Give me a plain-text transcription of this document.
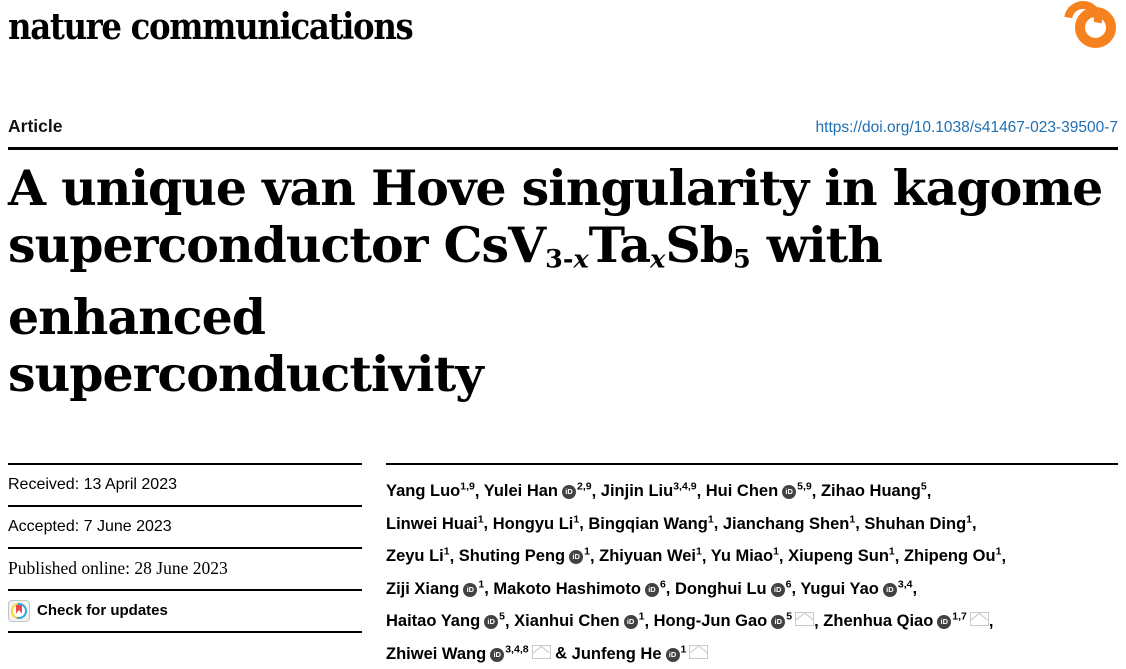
nature communications
Article	https://doi.org/10.1038/s41467-023-39500-7
A unique van Hove singularity in kagome
superconductor CsV3-xTaxSb5 with enhanced
superconductivity
Received: 13 April 2023
Accepted: 7 June 2023
Published online: 28 June 2023
Check for updates
Yang Luo$^{1,9}$, Yulei Han iD $^{2,9}$, Jinjin Liu$^{3,4,9}$, Hui Chen iD $^{5,9}$, Zihao Huang$^5$,
Linwei Huai$^1$, Hongyu Li$^1$, Bingqian Wang$^1$, Jianchang Shen$^1$, Shuhan Ding$^1$,
Zeyu Li$^1$, Shuting Peng iD $^1$, Zhiyuan Wei$^1$, Yu Miao$^1$, Xiupeng Sun$^1$, Zhipeng Ou$^1$,
Ziji Xiang iD $^1$, Makoto Hashimoto iD $^6$, Donghui Lu iD $^6$, Yugui Yao iD $^{3,4}$,
Haitao Yang iD $^5$, Xianhui Chen iD $^1$, Hong-Jun Gao iD $^5$ , Zhenhua Qiao iD $^{1,7}$ ,
Zhiwei Wang iD $^{3,4,8}$ & Junfeng He iD $^1$
